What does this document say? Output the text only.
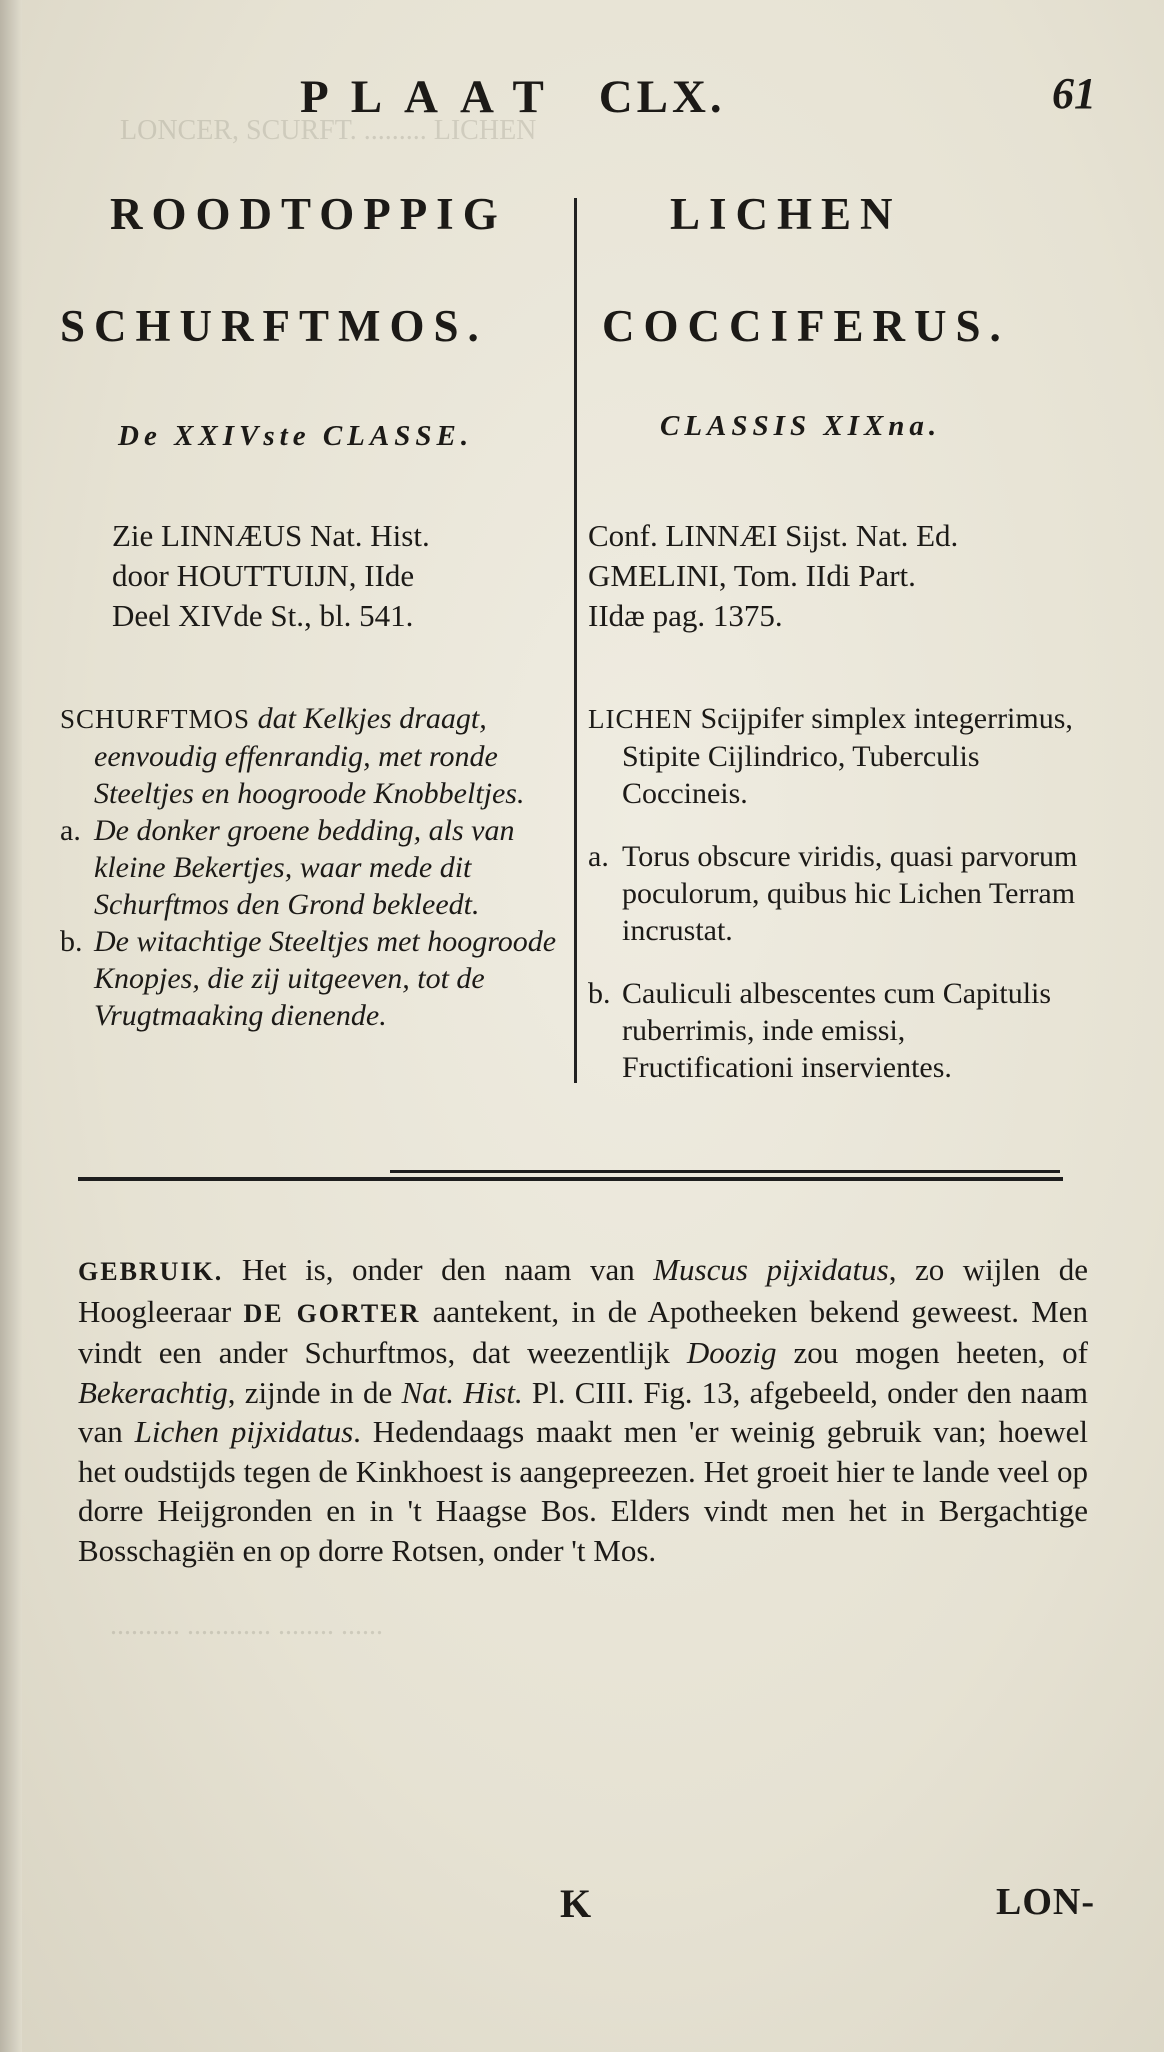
LONCER, SCURFT. ......... LICHEN
.......... ............ ........ ......
PLAAT CLX.	61
ROODTOPPIG
SCHURFTMOS.
De XXIVste CLASSE.
Zie LINNÆUS Nat. Hist.
door HOUTTUIJN, IIde
Deel XIVde St., bl. 541.
SCHURFTMOS dat Kelkjes draagt, eenvoudig effenrandig, met ronde Steeltjes en hoogroode Knobbeltjes.
a. De donker groene bedding, als van kleine Bekertjes, waar mede dit Schurftmos den Grond bekleedt.
b. De witachtige Steeltjes met hoogroode Knopjes, die zij uitgeeven, tot de Vrugtmaaking dienende.
LICHEN
COCCIFERUS.
CLASSIS XIXna.
Conf. LINNÆI Sijst. Nat. Ed.
GMELINI, Tom. IIdi Part.
IIdæ pag. 1375.
LICHEN Scijpifer simplex integerrimus, Stipite Cijlindrico, Tuberculis Coccineis.
a. Torus obscure viridis, quasi parvorum poculorum, quibus hic Lichen Terram incrustat.
b. Cauliculi albescentes cum Capitulis ruberrimis, inde emissi, Fructificationi inservientes.
GEBRUIK. Het is, onder den naam van Muscus pijxidatus, zo wijlen de Hoogleeraar DE GORTER aantekent, in de Apotheeken bekend geweest. Men vindt een ander Schurftmos, dat weezentlijk Doozig zou mogen heeten, of Bekerachtig, zijnde in de Nat. Hist. Pl. CIII. Fig. 13, afgebeeld, onder den naam van Lichen pijxidatus. Hedendaags maakt men 'er weinig gebruik van; hoewel het oudstijds tegen de Kinkhoest is aangepreezen. Het groeit hier te lande veel op dorre Heijgronden en in 't Haagse Bos. Elders vindt men het in Bergachtige Bosschagiën en op dorre Rotsen, onder 't Mos.
K	LON-
